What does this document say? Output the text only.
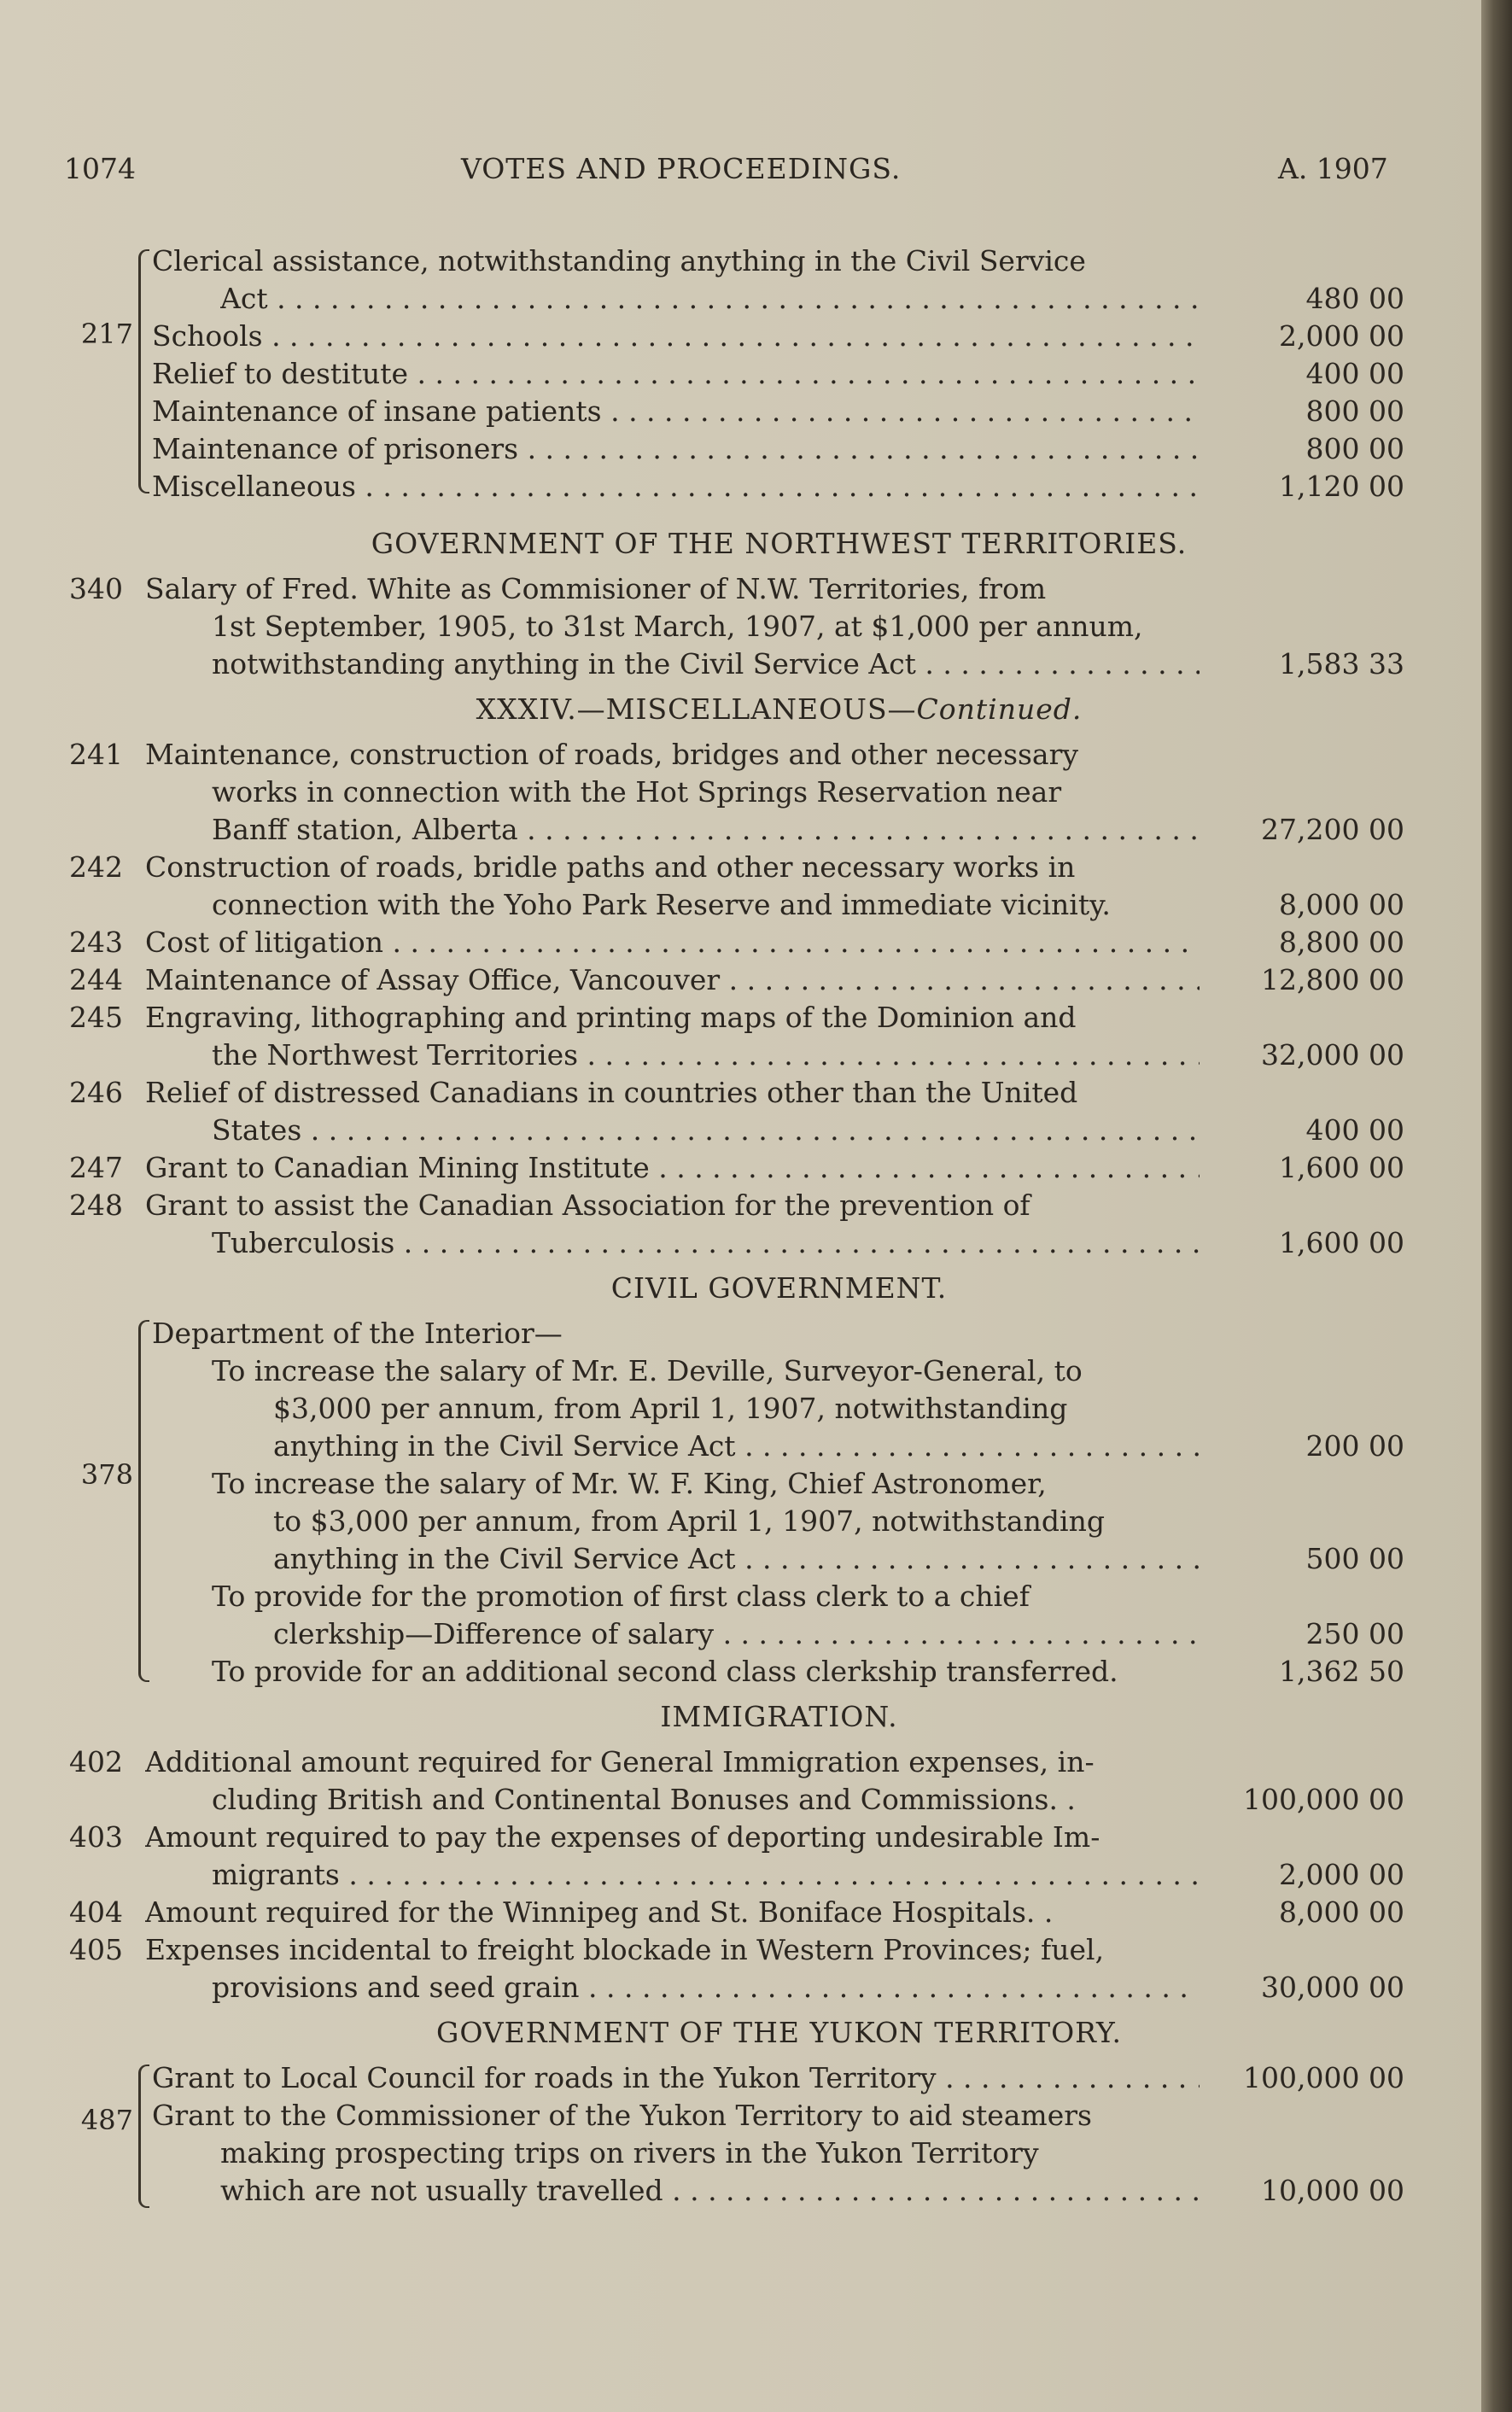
1074	VOTES AND PROCEEDINGS.	A. 1907
217
Clerical assistance, notwithstanding anything in the Civil Service
Act . . .	480 00
Schools . . .	2,000 00
Relief to destitute . . .	400 00
Maintenance of insane patients . . .	800 00
Maintenance of prisoners . . .	800 00
Miscellaneous . . .	1,120 00
GOVERNMENT OF THE NORTHWEST TERRITORIES.
340 Salary of Fred. White as Commisioner of N.W. Territories, from
1st September, 1905, to 31st March, 1907, at $1,000 per annum,
notwithstanding anything in the Civil Service Act . . .	1,583 33
XXXIV.—MISCELLANEOUS—Continued.
241 Maintenance, construction of roads, bridges and other necessary
works in connection with the Hot Springs Reservation near
Banff station, Alberta . . .	27,200 00
242 Construction of roads, bridle paths and other necessary works in
connection with the Yoho Park Reserve and immediate vicinity.	8,000 00
243 Cost of litigation . . .	8,800 00
244 Maintenance of Assay Office, Vancouver . . .	12,800 00
245 Engraving, lithographing and printing maps of the Dominion and
the Northwest Territories . . .	32,000 00
246 Relief of distressed Canadians in countries other than the United
States . . .	400 00
247 Grant to Canadian Mining Institute . . .	1,600 00
248 Grant to assist the Canadian Association for the prevention of
Tuberculosis . . .	1,600 00
CIVIL GOVERNMENT.
378
Department of the Interior—
To increase the salary of Mr. E. Deville, Surveyor-General, to
$3,000 per annum, from April 1, 1907, notwithstanding
anything in the Civil Service Act . . .	200 00
To increase the salary of Mr. W. F. King, Chief Astronomer,
to $3,000 per annum, from April 1, 1907, notwithstanding
anything in the Civil Service Act . . .	500 00
To provide for the promotion of first class clerk to a chief
clerkship—Difference of salary . . .	250 00
To provide for an additional second class clerkship transferred.	1,362 50
IMMIGRATION.
402 Additional amount required for General Immigration expenses, in-
cluding British and Continental Bonuses and Commissions. .	100,000 00
403 Amount required to pay the expenses of deporting undesirable Im-
migrants . . .	2,000 00
404 Amount required for the Winnipeg and St. Boniface Hospitals. .	8,000 00
405 Expenses incidental to freight blockade in Western Provinces; fuel,
provisions and seed grain . . .	30,000 00
GOVERNMENT OF THE YUKON TERRITORY.
487
Grant to Local Council for roads in the Yukon Territory . . .	100,000 00
Grant to the Commissioner of the Yukon Territory to aid steamers
making prospecting trips on rivers in the Yukon Territory
which are not usually travelled . . .	10,000 00
